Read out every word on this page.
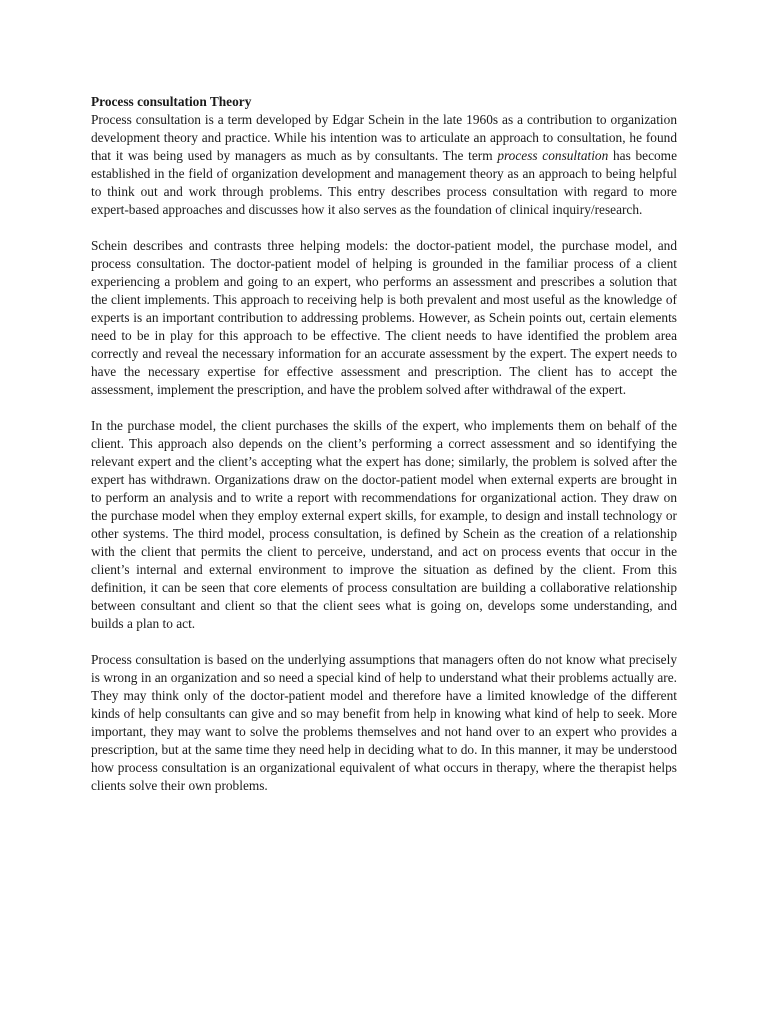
Process consultation Theory

Process consultation is a term developed by Edgar Schein in the late 1960s as a contribution to organization development theory and practice. While his intention was to articulate an approach to consultation, he found that it was being used by managers as much as by consultants. The term process consultation has become established in the field of organization development and management theory as an approach to being helpful to think out and work through problems. This entry describes process consultation with regard to more expert-based approaches and discusses how it also serves as the foundation of clinical inquiry/research.

Schein describes and contrasts three helping models: the doctor-patient model, the purchase model, and process consultation. The doctor-patient model of helping is grounded in the familiar process of a client experiencing a problem and going to an expert, who performs an assessment and prescribes a solution that the client implements. This approach to receiving help is both prevalent and most useful as the knowledge of experts is an important contribution to addressing problems. However, as Schein points out, certain elements need to be in play for this approach to be effective. The client needs to have identified the problem area correctly and reveal the necessary information for an accurate assessment by the expert. The expert needs to have the necessary expertise for effective assessment and prescription. The client has to accept the assessment, implement the prescription, and have the problem solved after withdrawal of the expert.

In the purchase model, the client purchases the skills of the expert, who implements them on behalf of the client. This approach also depends on the client’s performing a correct assessment and so identifying the relevant expert and the client’s accepting what the expert has done; similarly, the problem is solved after the expert has withdrawn. Organizations draw on the doctor-patient model when external experts are brought in to perform an analysis and to write a report with recommendations for organizational action. They draw on the purchase model when they employ external expert skills, for example, to design and install technology or other systems. The third model, process consultation, is defined by Schein as the creation of a relationship with the client that permits the client to perceive, understand, and act on process events that occur in the client’s internal and external environment to improve the situation as defined by the client. From this definition, it can be seen that core elements of process consultation are building a collaborative relationship between consultant and client so that the client sees what is going on, develops some understanding, and builds a plan to act.

Process consultation is based on the underlying assumptions that managers often do not know what precisely is wrong in an organization and so need a special kind of help to understand what their problems actually are. They may think only of the doctor-patient model and therefore have a limited knowledge of the different kinds of help consultants can give and so may benefit from help in knowing what kind of help to seek. More important, they may want to solve the problems themselves and not hand over to an expert who provides a prescription, but at the same time they need help in deciding what to do. In this manner, it may be understood how process consultation is an organizational equivalent of what occurs in therapy, where the therapist helps clients solve their own problems.
